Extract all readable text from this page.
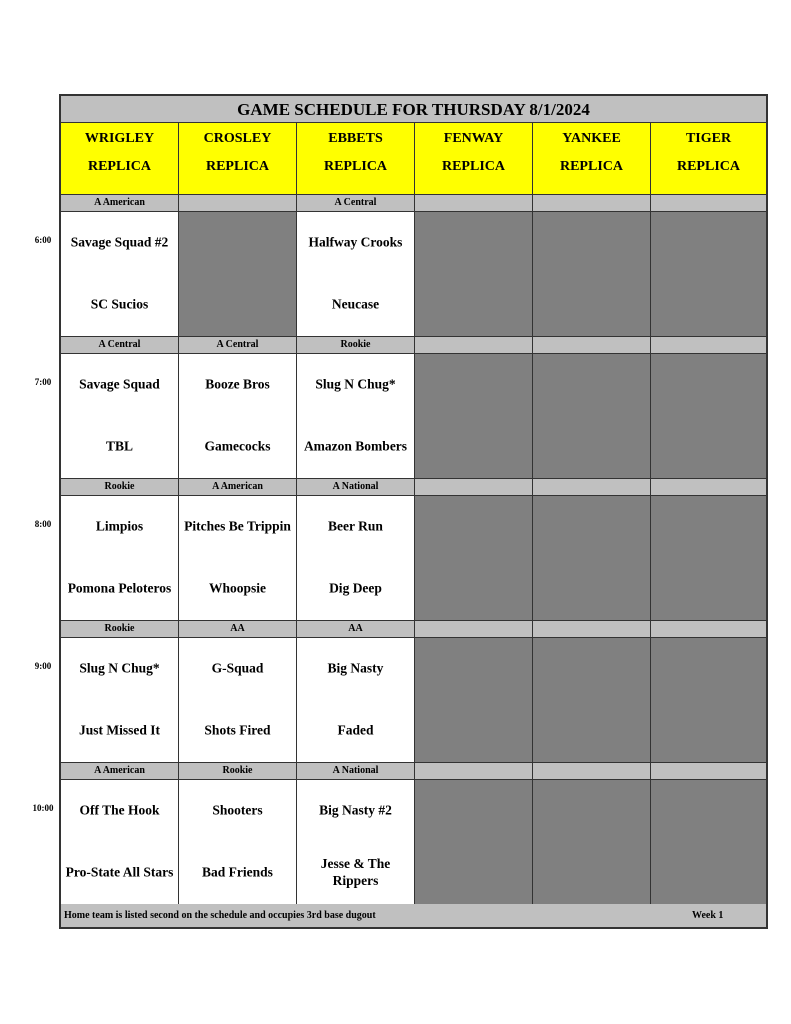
GAME SCHEDULE FOR THURSDAY 8/1/2024
WRIGLEY
REPLICA
CROSLEY
REPLICA
EBBETS
REPLICA
FENWAY
REPLICA
YANKEE
REPLICA
TIGER
REPLICA
A American
Savage Squad #2
SC Sucios
A Central
Halfway Crooks
Neucase
A Central
Savage Squad
TBL
A Central
Booze Bros
Gamecocks
Rookie
Slug N Chug*
Amazon Bombers
Rookie
Limpios
Pomona Peloteros
A American
Pitches Be Trippin
Whoopsie
A National
Beer Run
Dig Deep
Rookie
Slug N Chug*
Just Missed It
AA
G-Squad
Shots Fired
AA
Big Nasty
Faded
A American
Off The Hook
Pro-State All Stars
Rookie
Shooters
Bad Friends
A National
Big Nasty #2
Jesse & The Rippers
Home team is listed second on the schedule and occupies 3rd base dugout	Week 1
6:00
7:00
8:00
9:00
10:00
